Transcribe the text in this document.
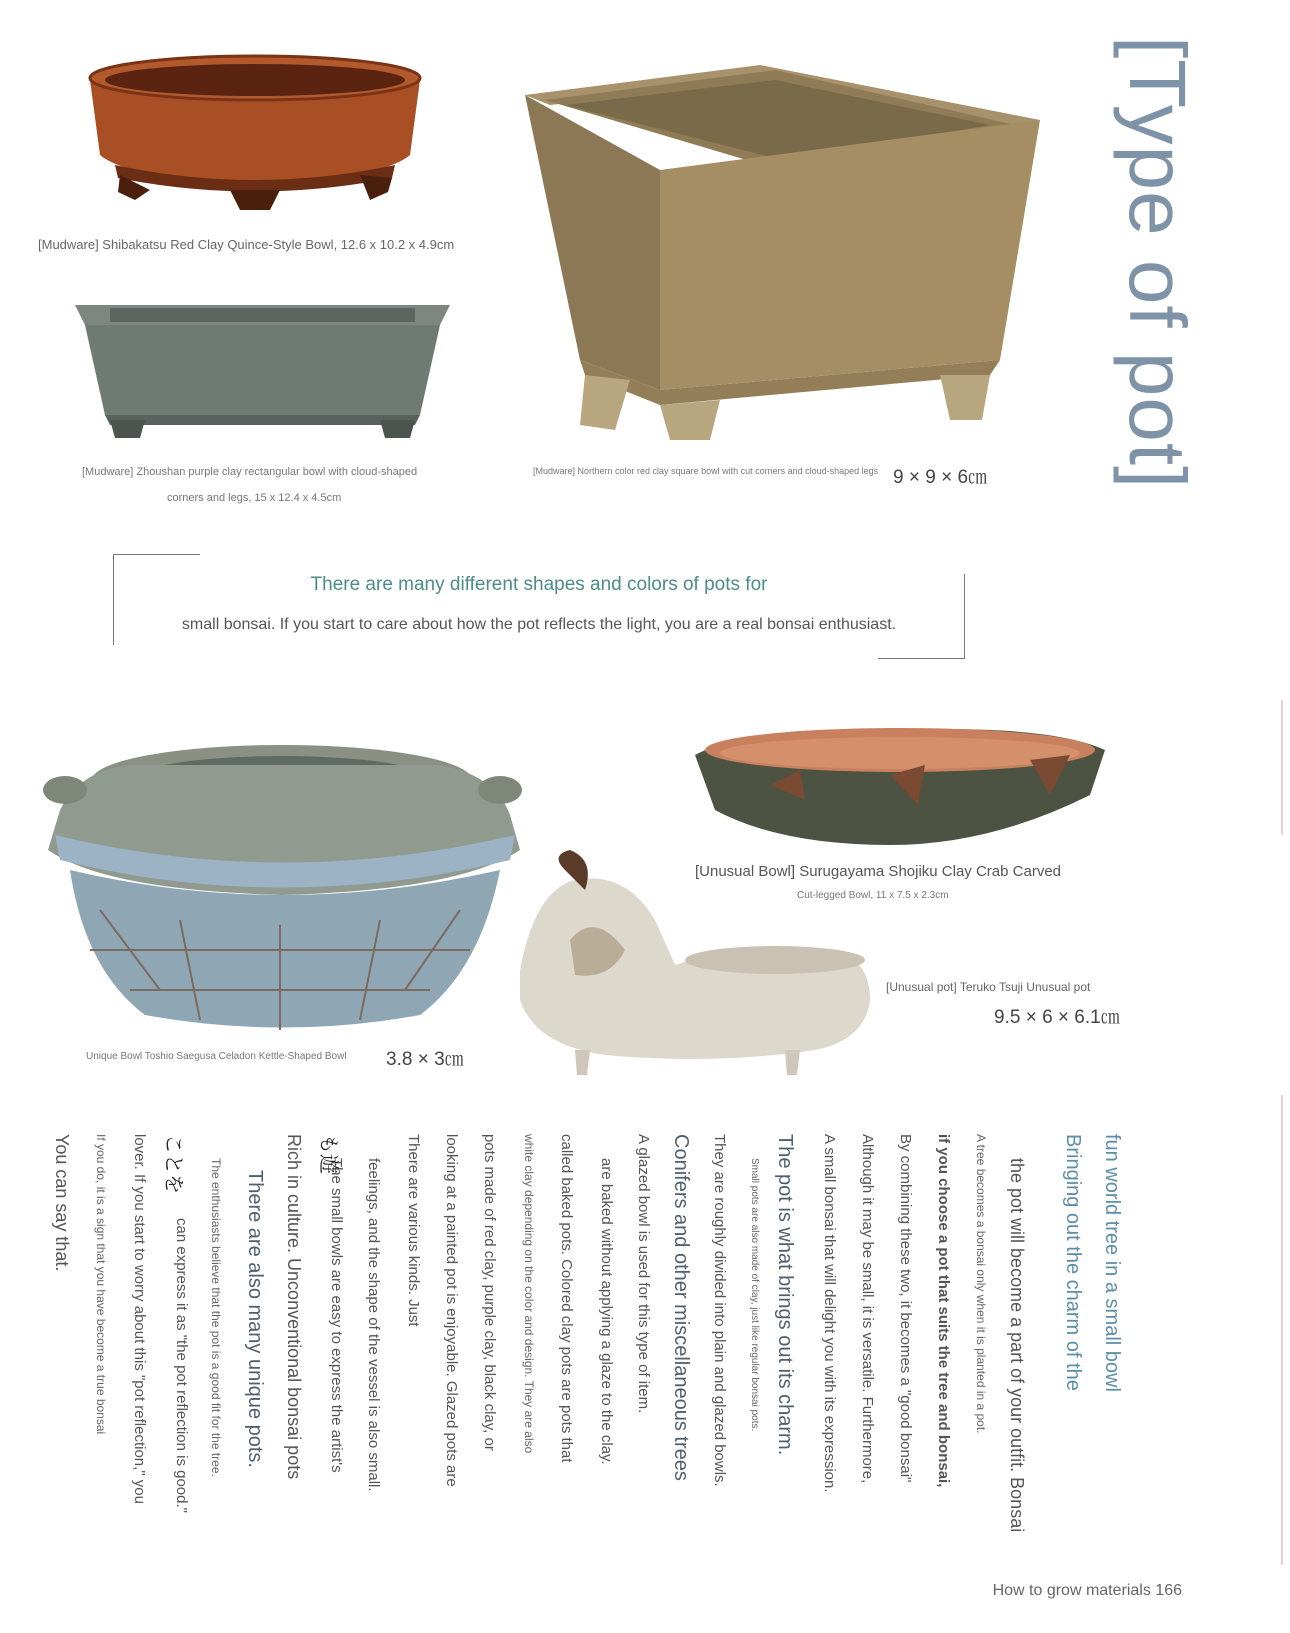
[Mudware] Shibakatsu Red Clay Quince-Style Bowl, 12.6 x 10.2 x 4.9cm
[Mudware] Zhoushan purple clay rectangular bowl with cloud-shaped
corners and legs, 15 x 12.4 x 4.5cm
[Mudware] Northern color red clay square bowl with cut corners and cloud-shaped legs 9 × 9 × 6㎝ [Type of pot]
There are many different shapes and colors of pots for
small bonsai. If you start to care about how the pot reflects the light, you are a real bonsai enthusiast.
Unique Bowl Toshio Saegusa Celadon Kettle-Shaped Bowl 3.8 × 3㎝
[Unusual Bowl] Surugayama Shojiku Clay Crab Carved
Cut-legged Bowl, 11 x 7.5 x 2.3cm
[Unusual pot] Teruko Tsuji Unusual pot
9.5 × 6 × 6.1㎝
fun world tree in a small bowl
Bringing out the charm of the
the pot will become a part of your outfit. Bonsai
A tree becomes a bonsai only when it is planted in a pot.
if you choose a pot that suits the tree and bonsai,
By combining these two, it becomes a "good bonsai"
Although it may be small, it is versatile. Furthermore,
A small bonsai that will delight you with its expression.
The pot is what brings out its charm.
Small pots are also made of clay, just like regular bonsai pots.
They are roughly divided into plain and glazed bowls.
Conifers and other miscellaneous trees
A glazed bowl is used for this type of item.
are baked without applying a glaze to the clay.
called baked pots. Colored clay pots are pots that
white clay depending on the color and design. They are also
pots made of red clay, purple clay, black clay, or
looking at a painted pot is enjoyable. Glazed pots are
There are various kinds. Just
feelings, and the shape of the vessel is also small.
The small bowls are easy to express the artist's
も遊
Rich in culture. Unconventional bonsai pots
There are also many unique pots.
The enthusiasts believe that the pot is a good fit for the tree.
can express it as "the pot reflection is good."
ことを
lover. If you start to worry about this "pot reflection," you
If you do, it is a sign that you have become a true bonsai
You can say that.
How to grow materials 166
